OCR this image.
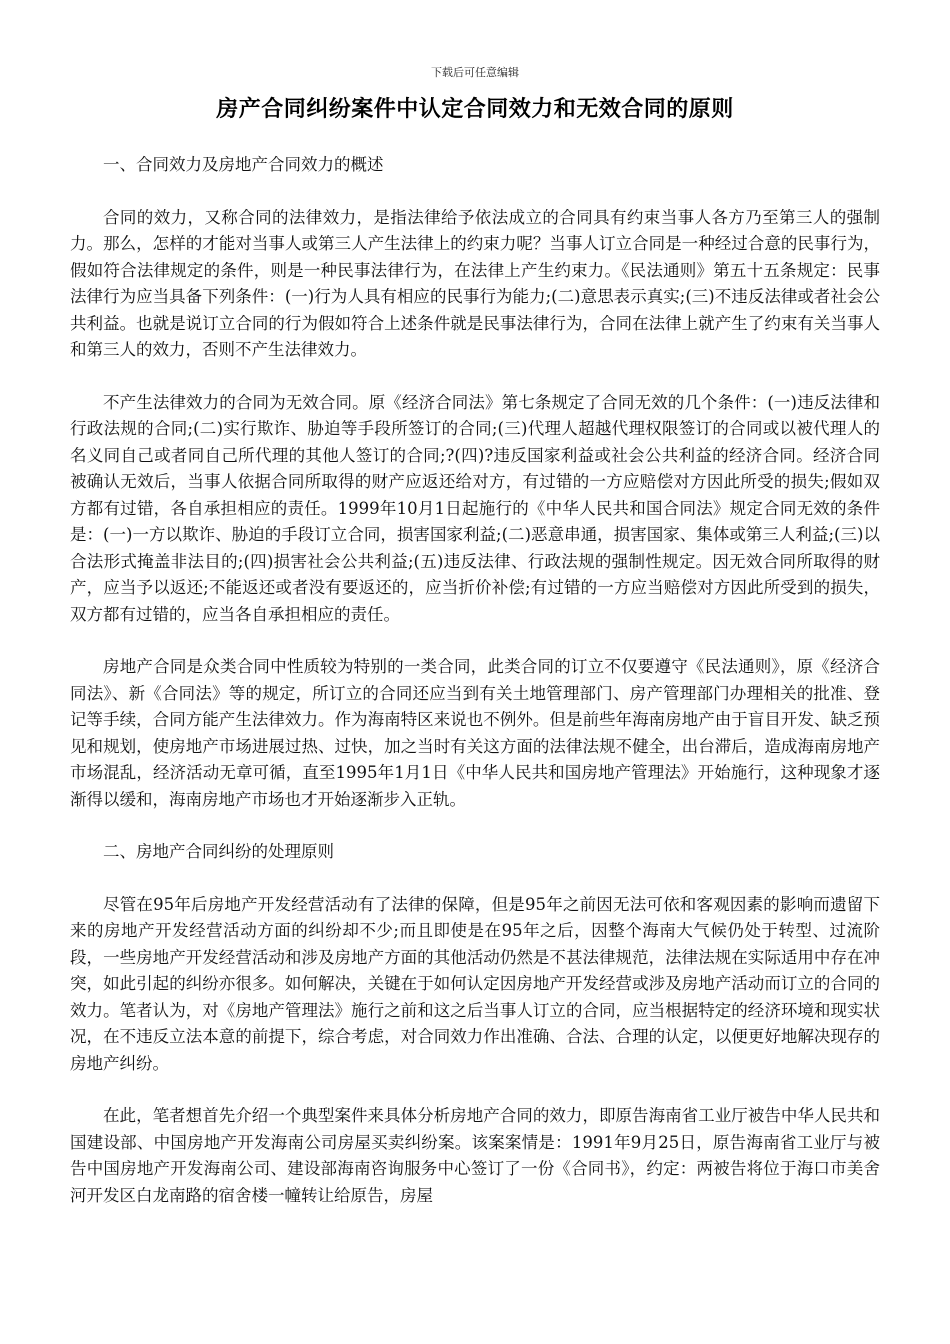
下载后可任意编辑
房产合同纠纷案件中认定合同效力和无效合同的原则

一、合同效力及房地产合同效力的概述

合同的效力，又称合同的法律效力，是指法律给予依法成立的合同具有约束当事人各方乃至第三人的强制力。那么，怎样的才能对当事人或第三人产生法律上的约束力呢？当事人订立合同是一种经过合意的民事行为，假如符合法律规定的条件，则是一种民事法律行为，在法律上产生约束力。《民法通则》第五十五条规定：民事法律行为应当具备下列条件：(一)行为人具有相应的民事行为能力;(二)意思表示真实;(三)不违反法律或者社会公共利益。也就是说订立合同的行为假如符合上述条件就是民事法律行为，合同在法律上就产生了约束有关当事人和第三人的效力，否则不产生法律效力。

不产生法律效力的合同为无效合同。原《经济合同法》第七条规定了合同无效的几个条件：(一)违反法律和行政法规的合同;(二)实行欺诈、胁迫等手段所签订的合同;(三)代理人超越代理权限签订的合同或以被代理人的名义同自己或者同自己所代理的其他人签订的合同;?(四)?违反国家利益或社会公共利益的经济合同。经济合同被确认无效后，当事人依据合同所取得的财产应返还给对方，有过错的一方应赔偿对方因此所受的损失;假如双方都有过错，各自承担相应的责任。1999年10月1日起施行的《中华人民共和国合同法》规定合同无效的条件是：(一)一方以欺诈、胁迫的手段订立合同，损害国家利益;(二)恶意串通，损害国家、集体或第三人利益;(三)以合法形式掩盖非法目的;(四)损害社会公共利益;(五)违反法律、行政法规的强制性规定。因无效合同所取得的财产，应当予以返还;不能返还或者没有要返还的，应当折价补偿;有过错的一方应当赔偿对方因此所受到的损失，双方都有过错的，应当各自承担相应的责任。

房地产合同是众类合同中性质较为特别的一类合同，此类合同的订立不仅要遵守《民法通则》，原《经济合同法》、新《合同法》等的规定，所订立的合同还应当到有关土地管理部门、房产管理部门办理相关的批准、登记等手续，合同方能产生法律效力。作为海南特区来说也不例外。但是前些年海南房地产由于盲目开发、缺乏预见和规划，使房地产市场进展过热、过快，加之当时有关这方面的法律法规不健全，出台滞后，造成海南房地产市场混乱，经济活动无章可循，直至1995年1月1日《中华人民共和国房地产管理法》开始施行，这种现象才逐渐得以缓和，海南房地产市场也才开始逐渐步入正轨。

二、房地产合同纠纷的处理原则

尽管在95年后房地产开发经营活动有了法律的保障，但是95年之前因无法可依和客观因素的影响而遗留下来的房地产开发经营活动方面的纠纷却不少;而且即使是在95年之后，因整个海南大气候仍处于转型、过流阶段，一些房地产开发经营活动和涉及房地产方面的其他活动仍然是不甚法律规范，法律法规在实际适用中存在冲突，如此引起的纠纷亦很多。如何解决，关键在于如何认定因房地产开发经营或涉及房地产活动而订立的合同的效力。笔者认为，对《房地产管理法》施行之前和这之后当事人订立的合同，应当根据特定的经济环境和现实状况，在不违反立法本意的前提下，综合考虑，对合同效力作出准确、合法、合理的认定，以便更好地解决现存的房地产纠纷。

在此，笔者想首先介绍一个典型案件来具体分析房地产合同的效力，即原告海南省工业厅被告中华人民共和国建设部、中国房地产开发海南公司房屋买卖纠纷案。该案案情是：1991年9月25日，原告海南省工业厅与被告中国房地产开发海南公司、建设部海南咨询服务中心签订了一份《合同书》，约定：两被告将位于海口市美舍河开发区白龙南路的宿舍楼一幢转让给原告，房屋
